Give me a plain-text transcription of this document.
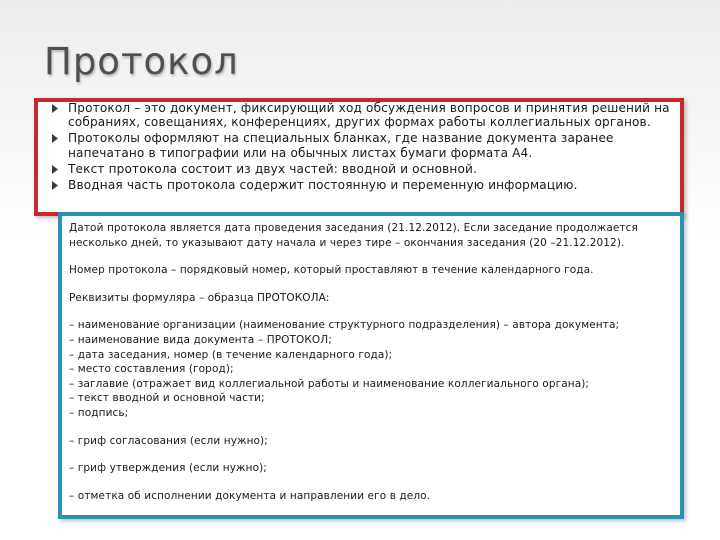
Протокол
Протокол – это документ, фиксирующий ход обсуждения вопросов и принятия решений на собраниях, совещаниях, конференциях, других формах работы коллегиальных органов.
Протоколы оформляют на специальных бланках, где название документа заранее напечатано в типографии или на обычных листах бумаги формата А4.
Текст протокола состоит из двух частей: вводной и основной.
Вводная часть протокола содержит постоянную и переменную информацию.

Датой протокола является дата проведения заседания (21.12.2012). Если заседание продолжается
несколько дней, то указывают дату начала и через тире – окончания заседания (20 –21.12.2012).

Номер протокола – порядковый номер, который проставляют в течение календарного года.

Реквизиты формуляра – образца ПРОТОКОЛА:

– наименование организации (наименование структурного подразделения) – автора документа;
– наименование вида документа – ПРОТОКОЛ;
– дата заседания, номер (в течение календарного года);
– место составления (город);
– заглавие (отражает вид коллегиальной работы и наименование коллегиального органа);
– текст вводной и основной части;
– подпись;

– гриф согласования (если нужно);

– гриф утверждения (если нужно);

– отметка об исполнении документа и направлении его в дело.
